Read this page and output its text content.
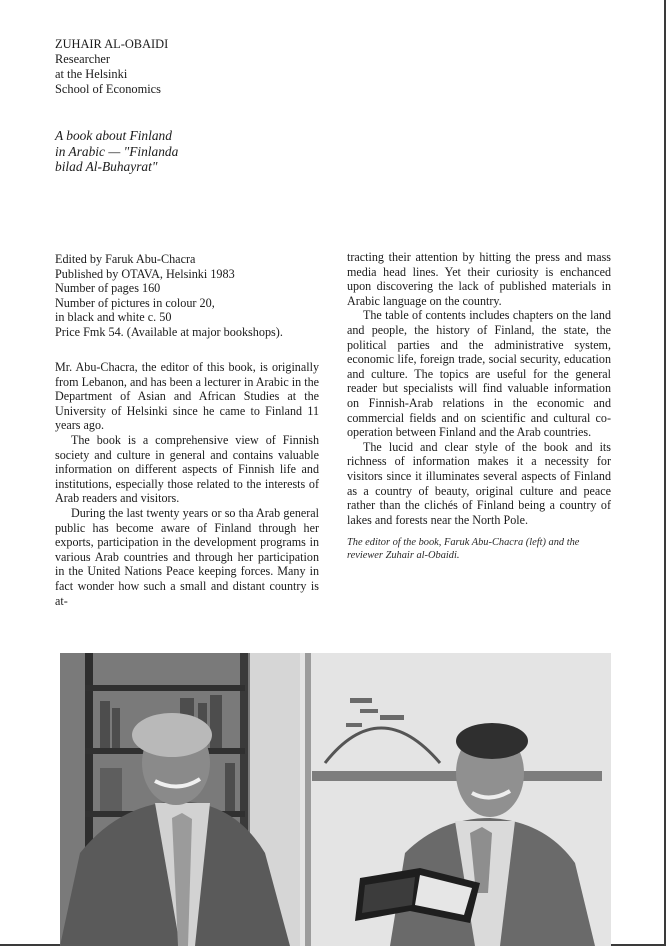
ZUHAIR AL-OBAIDI
Researcher
at the Helsinki
School of Economics
A book about Finland
in Arabic — "Finlanda
bilad Al-Buhayrat"
Edited by Faruk Abu-Chacra
Published by OTAVA, Helsinki 1983
Number of pages 160
Number of pictures in colour 20,
in black and white c. 50
Price Fmk 54. (Available at major bookshops).

Mr. Abu-Chacra, the editor of this book, is originally from Lebanon, and has been a lecturer in Arabic in the Department of Asian and African Studies at the University of Helsinki since he came to Finland 11 years ago.

The book is a comprehensive view of Finnish society and culture in general and contains valuable information on different aspects of Finnish life and institutions, especially those related to the interests of Arab readers and visitors.

During the last twenty years or so tha Arab general public has become aware of Finland through her exports, participation in the development programs in various Arab countries and through her participation in the United Nations Peace keeping forces. Many in fact wonder how such a small and distant country is at-

tracting their attention by hitting the press and mass media head lines. Yet their curiosity is enchanced upon discovering the lack of published materials in Arabic language on the country.

The table of contents includes chapters on the land and people, the history of Finland, the state, the political parties and the administrative system, economic life, foreign trade, social security, education and culture. The topics are useful for the general reader but specialists will find valuable information on Finnish-Arab relations in the economic and commercial fields and on scientific and cultural co-operation between Finland and the Arab countries.

The lucid and clear style of the book and its richness of information makes it a necessity for visitors since it illuminates several aspects of Finland as a country of beauty, original culture and peace rather than the clichés of Finland being a country of lakes and forests near the North Pole.

The editor of the book, Faruk Abu-Chacra (left) and the reviewer Zuhair al-Obaidi.
